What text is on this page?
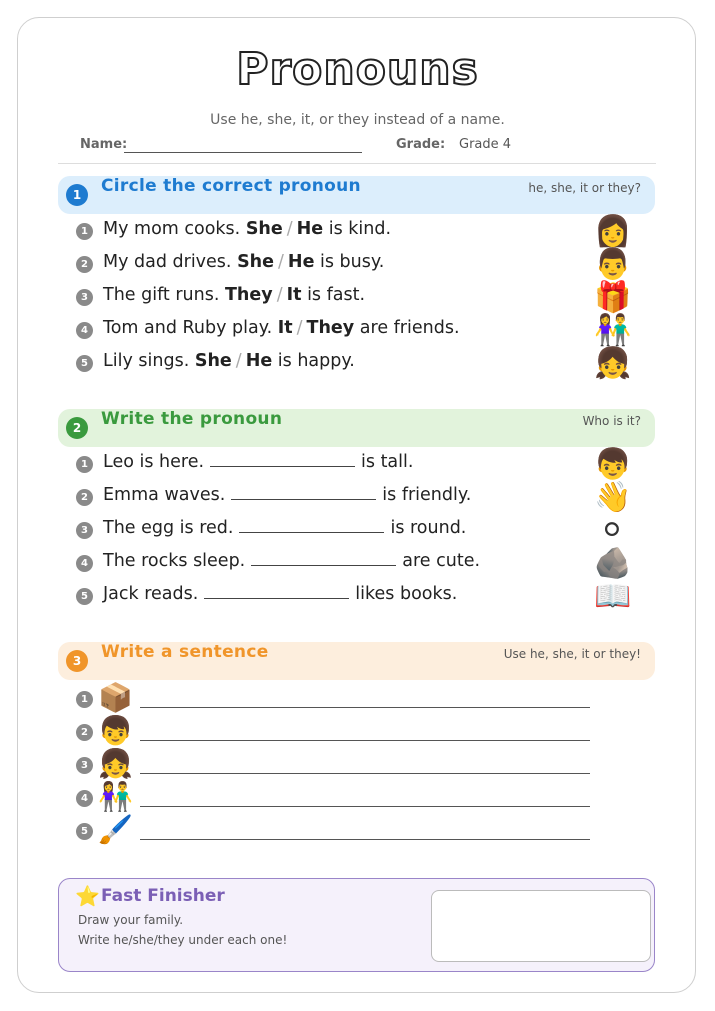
Pronouns
Use he, she, it, or they instead of a name.
Name:	Grade: Grade 4
1	Circle the correct pronoun	he, she, it or they?
1 My mom cooks. She / He is kind.	👩
2 My dad drives. She / He is busy.	👨
3 The gift runs. They / It is fast.	🎁
4 Tom and Ruby play. It / They are friends.	👫
5 Lily sings. She / He is happy.	👧
2	Write the pronoun	Who is it?
1 Leo is here.	is tall.	👦
2 Emma waves.	is friendly.	👋
3 The egg is red.	is round.	⚪
4 The rocks sleep.	are cute.	🪨
5 Jack reads.	likes books.	📖
3	Write a sentence	Use he, she, it or they!
1 📦
2 👦
3 👧
4 👫
5 🖌️
⭐ Fast Finisher
Draw your family.
Write he/she/they under each one!
